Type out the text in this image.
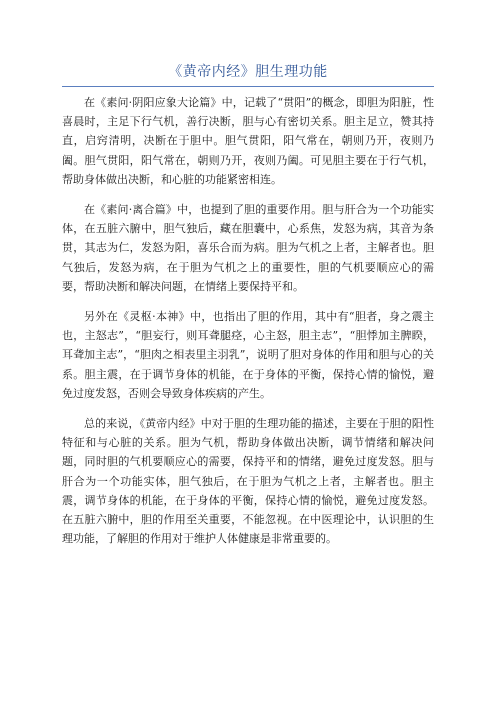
《黄帝内经》胆生理功能

在《素问·阴阳应象大论篇》中，记载了“贯阳”的概念，即胆为阳脏，性喜晨时，主足下行气机，善行决断，胆与心有密切关系。胆主足立，赞其持直，启窍清明，决断在于胆中。胆气贯阳，阳气常在，朝则乃开，夜则乃阖。胆气贯阳，阳气常在，朝则乃开，夜则乃阖。可见胆主要在于行气机，帮助身体做出决断，和心脏的功能紧密相连。

在《素问·离合篇》中，也提到了胆的重要作用。胆与肝合为一个功能实体，在五脏六腑中，胆气独后，藏在胆囊中，心系焦，发怒为病，其音为条贯，其志为仁，发怒为阳，喜乐合而为病。胆为气机之上者，主解者也。胆气独后，发怒为病，在于胆为气机之上的重要性，胆的气机要顺应心的需要，帮助决断和解决问题，在情绪上要保持平和。

另外在《灵枢·本神》中，也指出了胆的作用，其中有“胆者，身之震主也，主怒志”，“胆妄行，则耳聋腿痉，心主怒，胆主志”，“胆悸加主脾睽，耳聋加主志”，“胆肉之相表里主羽乳”，说明了胆对身体的作用和胆与心的关系。胆主震，在于调节身体的机能，在于身体的平衡，保持心情的愉悦，避免过度发怒，否则会导致身体疾病的产生。

总的来说，《黄帝内经》中对于胆的生理功能的描述，主要在于胆的阳性特征和与心脏的关系。胆为气机，帮助身体做出决断，调节情绪和解决问题，同时胆的气机要顺应心的需要，保持平和的情绪，避免过度发怒。胆与肝合为一个功能实体，胆气独后，在于胆为气机之上者，主解者也。胆主震，调节身体的机能，在于身体的平衡，保持心情的愉悦，避免过度发怒。在五脏六腑中，胆的作用至关重要，不能忽视。在中医理论中，认识胆的生理功能，了解胆的作用对于维护人体健康是非常重要的。
